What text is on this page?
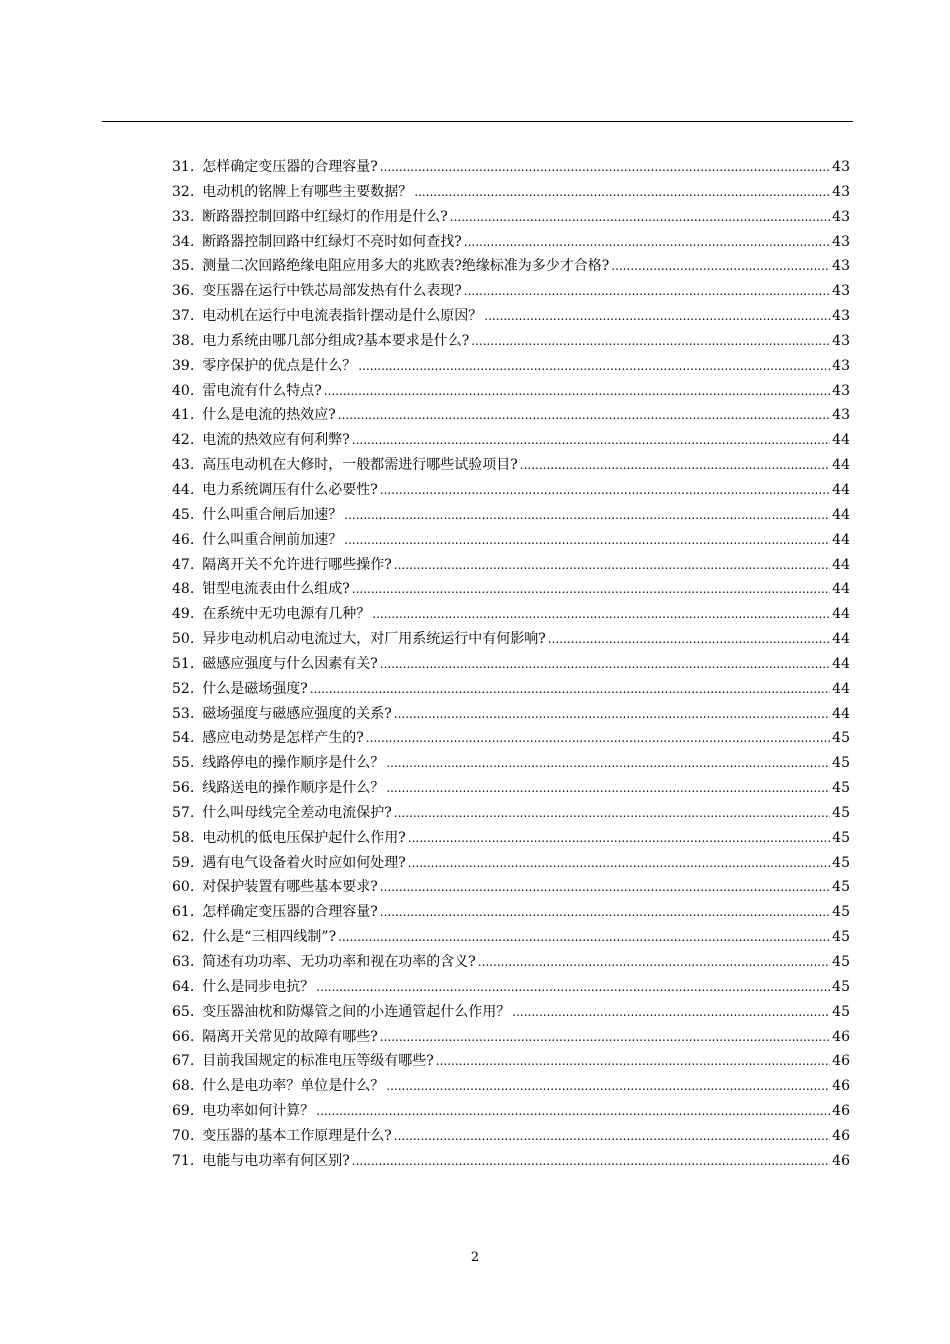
31. 怎样确定变压器的合理容量? .....	43
32. 电动机的铭牌上有哪些主要数据？ .....	43
33. 断路器控制回路中红绿灯的作用是什么? .....	43
34. 断路器控制回路中红绿灯不亮时如何查找? .....	43
35. 测量二次回路绝缘电阻应用多大的兆欧表?绝缘标准为多少才合格? .....	43
36. 变压器在运行中铁芯局部发热有什么表现? .....	43
37. 电动机在运行中电流表指针摆动是什么原因？ .....	43
38. 电力系统由哪几部分组成?基本要求是什么? .....	43
39. 零序保护的优点是什么？ .....	43
40. 雷电流有什么特点? .....	43
41. 什么是电流的热效应? .....	43
42. 电流的热效应有何利弊? .....	44
43. 高压电动机在大修时，一般都需进行哪些试验项目? .....	44
44. 电力系统调压有什么必要性? .....	44
45. 什么叫重合闸后加速？ .....	44
46. 什么叫重合闸前加速？ .....	44
47. 隔离开关不允许进行哪些操作? .....	44
48. 钳型电流表由什么组成? .....	44
49. 在系统中无功电源有几种？ .....	44
50. 异步电动机启动电流过大，对厂用系统运行中有何影响? .....	44
51. 磁感应强度与什么因素有关? .....	44
52. 什么是磁场强度? .....	44
53. 磁场强度与磁感应强度的关系? .....	44
54. 感应电动势是怎样产生的? .....	45
55. 线路停电的操作顺序是什么？ .....	45
56. 线路送电的操作顺序是什么？ .....	45
57. 什么叫母线完全差动电流保护? .....	45
58. 电动机的低电压保护起什么作用? .....	45
59. 遇有电气设备着火时应如何处理? .....	45
60. 对保护装置有哪些基本要求? .....	45
61. 怎样确定变压器的合理容量? .....	45
62. 什么是“三相四线制”? .....	45
63. 简述有功功率、无功功率和视在功率的含义? .....	45
64. 什么是同步电抗？ .....	45
65. 变压器油枕和防爆管之间的小连通管起什么作用？ .....	45
66. 隔离开关常见的故障有哪些? .....	46
67. 目前我国规定的标准电压等级有哪些? .....	46
68. 什么是电功率？单位是什么？ .....	46
69. 电功率如何计算？ .....	46
70. 变压器的基本工作原理是什么? .....	46
71. 电能与电功率有何区别? .....	46
2
